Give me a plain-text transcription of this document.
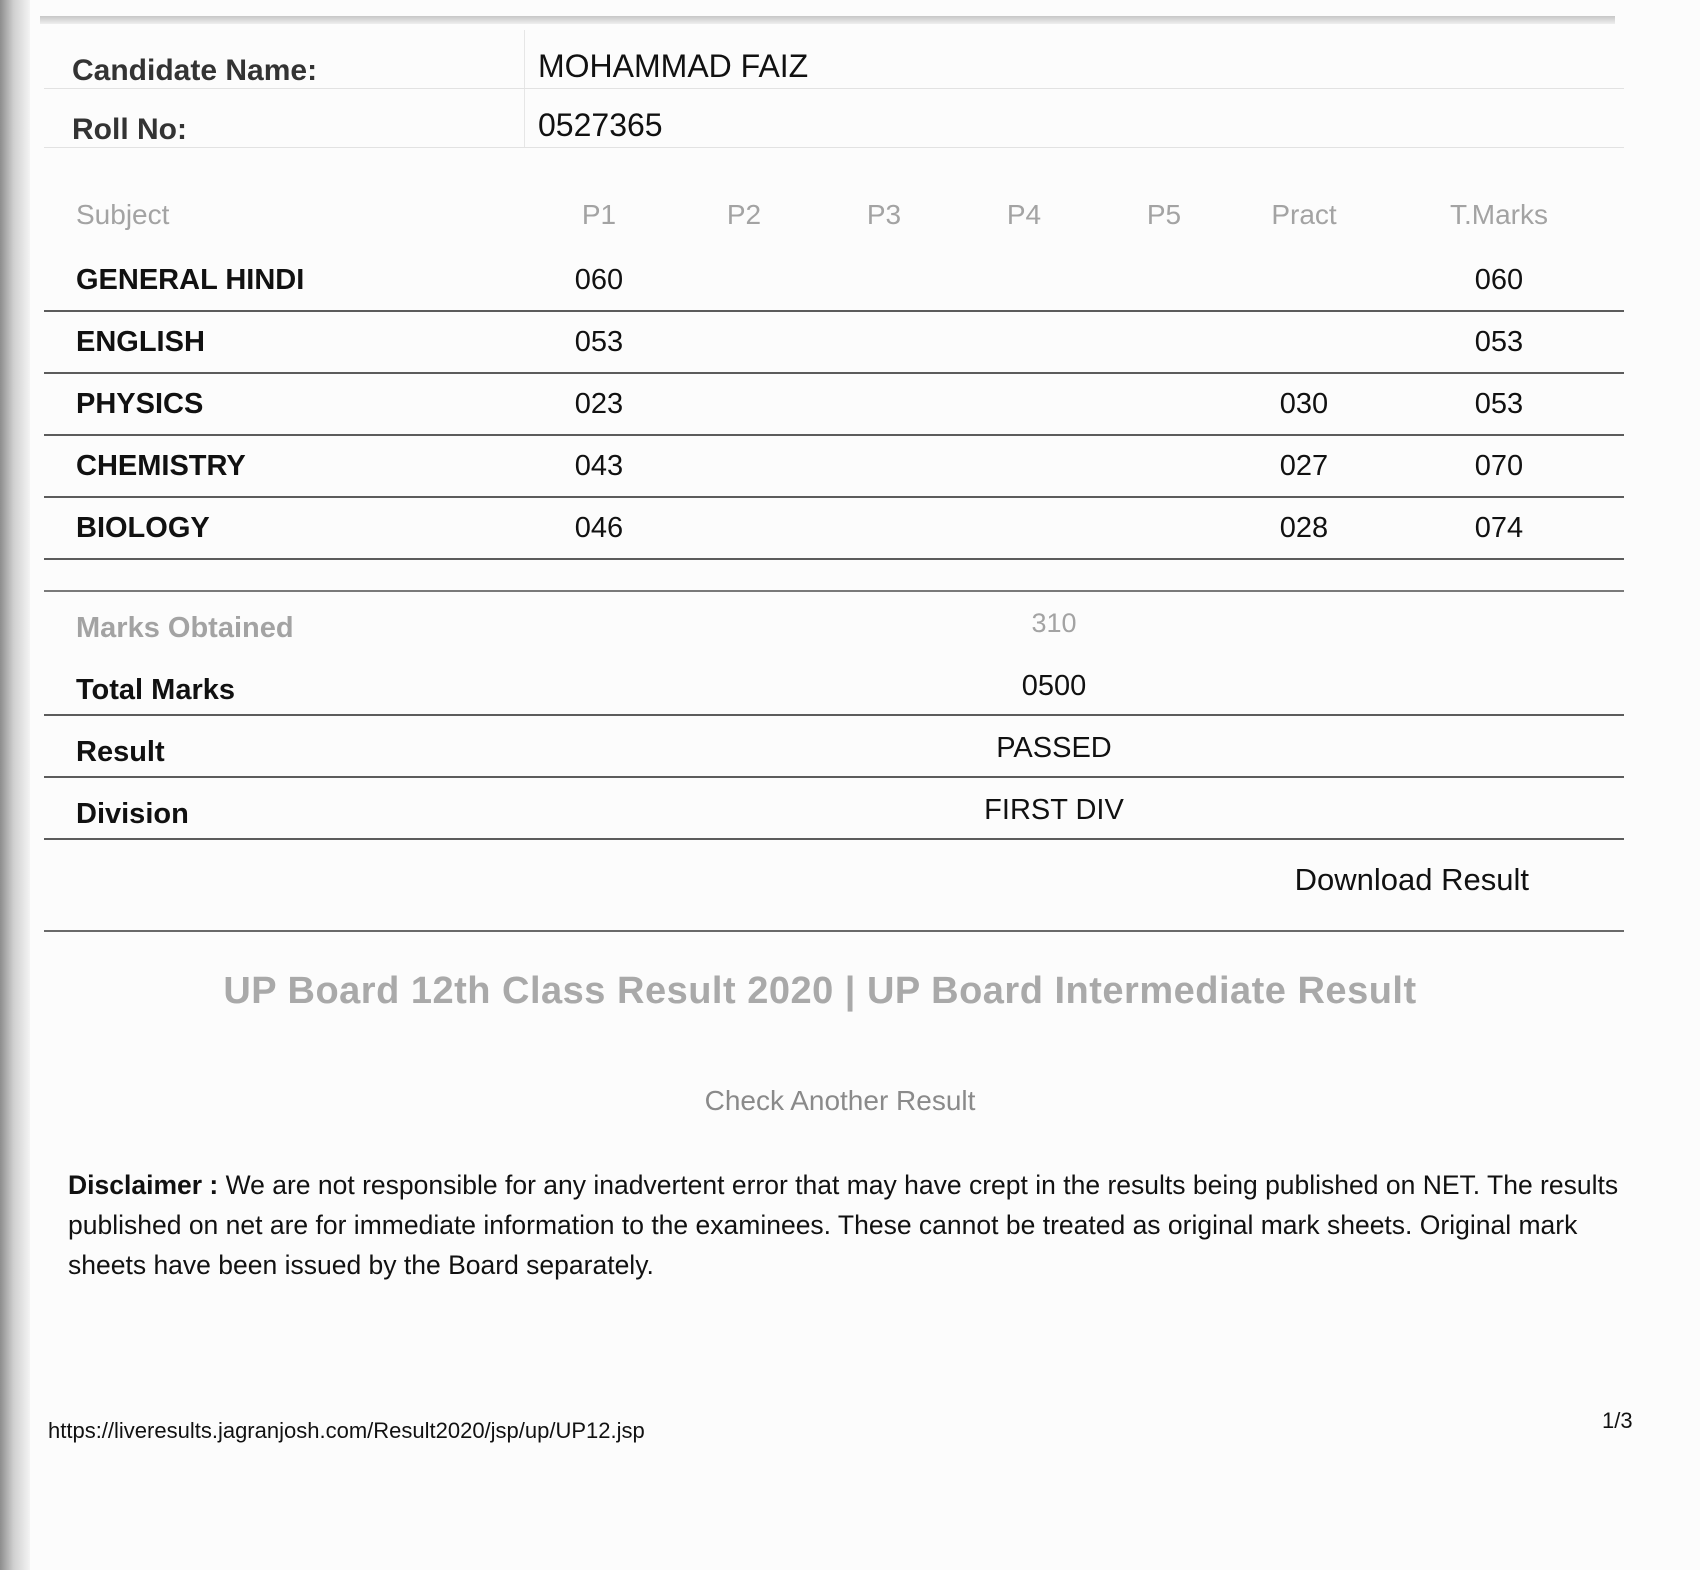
Candidate Name:	MOHAMMAD FAIZ
Roll No:	0527365
Subject	P1	P2	P3	P4	P5	Pract	T.Marks
GENERAL HINDI	060						060
ENGLISH	053						053
PHYSICS	023					030	053
CHEMISTRY	043					027	070
BIOLOGY	046					028	074
Marks Obtained	310
Total Marks	0500
Result	PASSED
Division	FIRST DIV
Download Result
UP Board 12th Class Result 2020 | UP Board Intermediate Result
Check Another Result
Disclaimer : We are not responsible for any inadvertent error that may have crept in the results being published on NET. The results published on net are for immediate information to the examinees. These cannot be treated as original mark sheets. Original mark sheets have been issued by the Board separately.
https://liveresults.jagranjosh.com/Result2020/jsp/up/UP12.jsp	1/3
